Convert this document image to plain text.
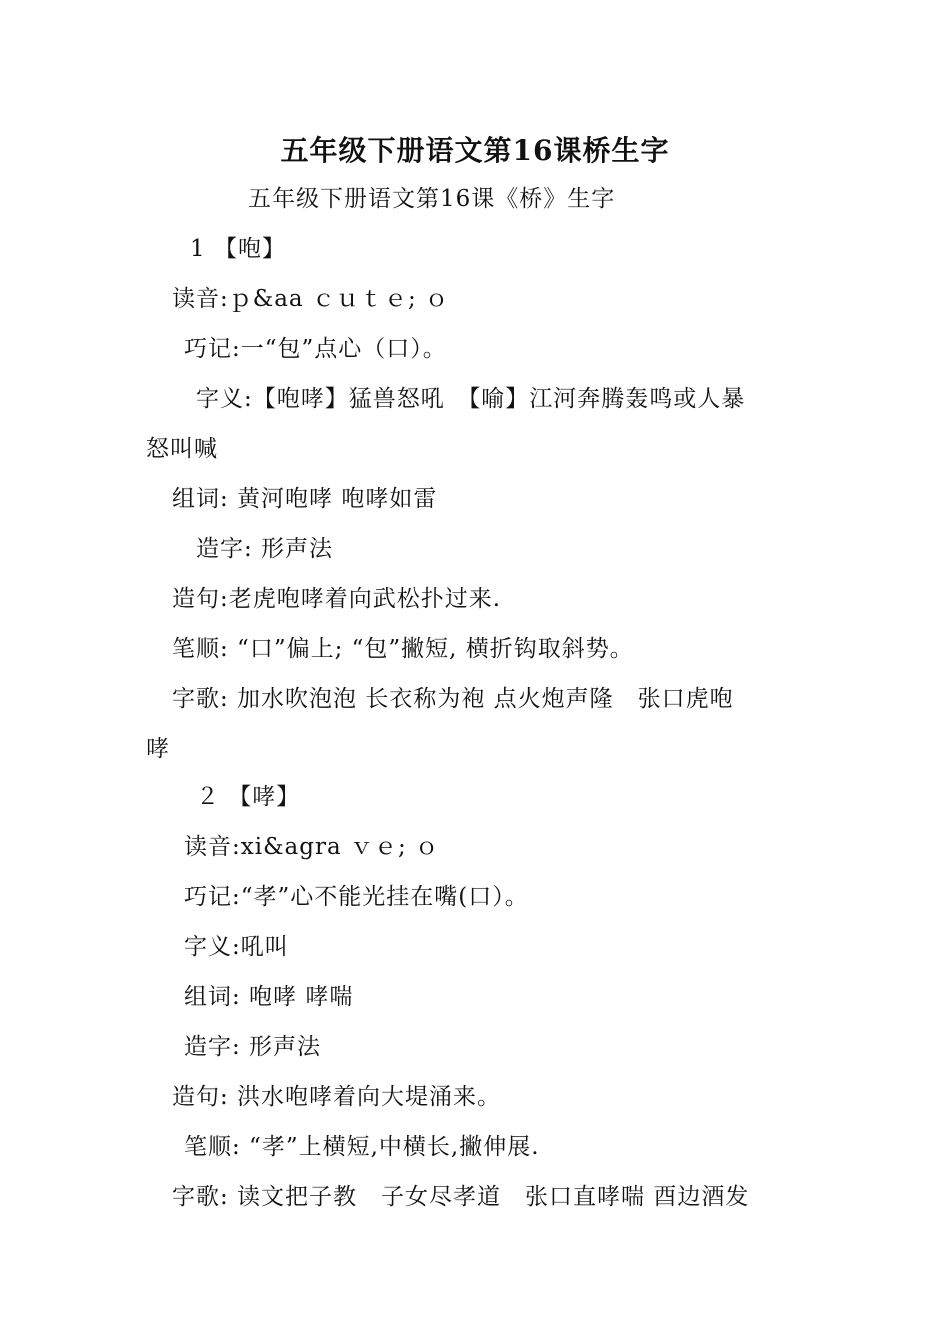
五年级下册语文第16课桥生字
五年级下册语文第16课《桥》生字
1 【咆】
读音:ｐ&aa ｃｕｔｅ; ｏ
巧记:一“包”点心（口）。
字义:【咆哮】猛兽怒吼　【喻】江河奔腾轰鸣或人暴
怒叫喊
组词: 黄河咆哮 咆哮如雷
造字: 形声法
造句:老虎咆哮着向武松扑过来.
笔顺: “口”偏上; “包”撇短, 横折钩取斜势。
字歌: 加水吹泡泡 长衣称为袍 点火炮声隆　张口虎咆
哮
２ 【哮】
读音:xi&agra ｖｅ; ｏ
巧记:“孝”心不能光挂在嘴(口）。
字义:吼叫
组词: 咆哮 哮喘
造字: 形声法
造句: 洪水咆哮着向大堤涌来。
笔顺: “孝”上横短,中横长,撇伸展.
字歌: 读文把子教　子女尽孝道　张口直哮喘 酉边酒发
